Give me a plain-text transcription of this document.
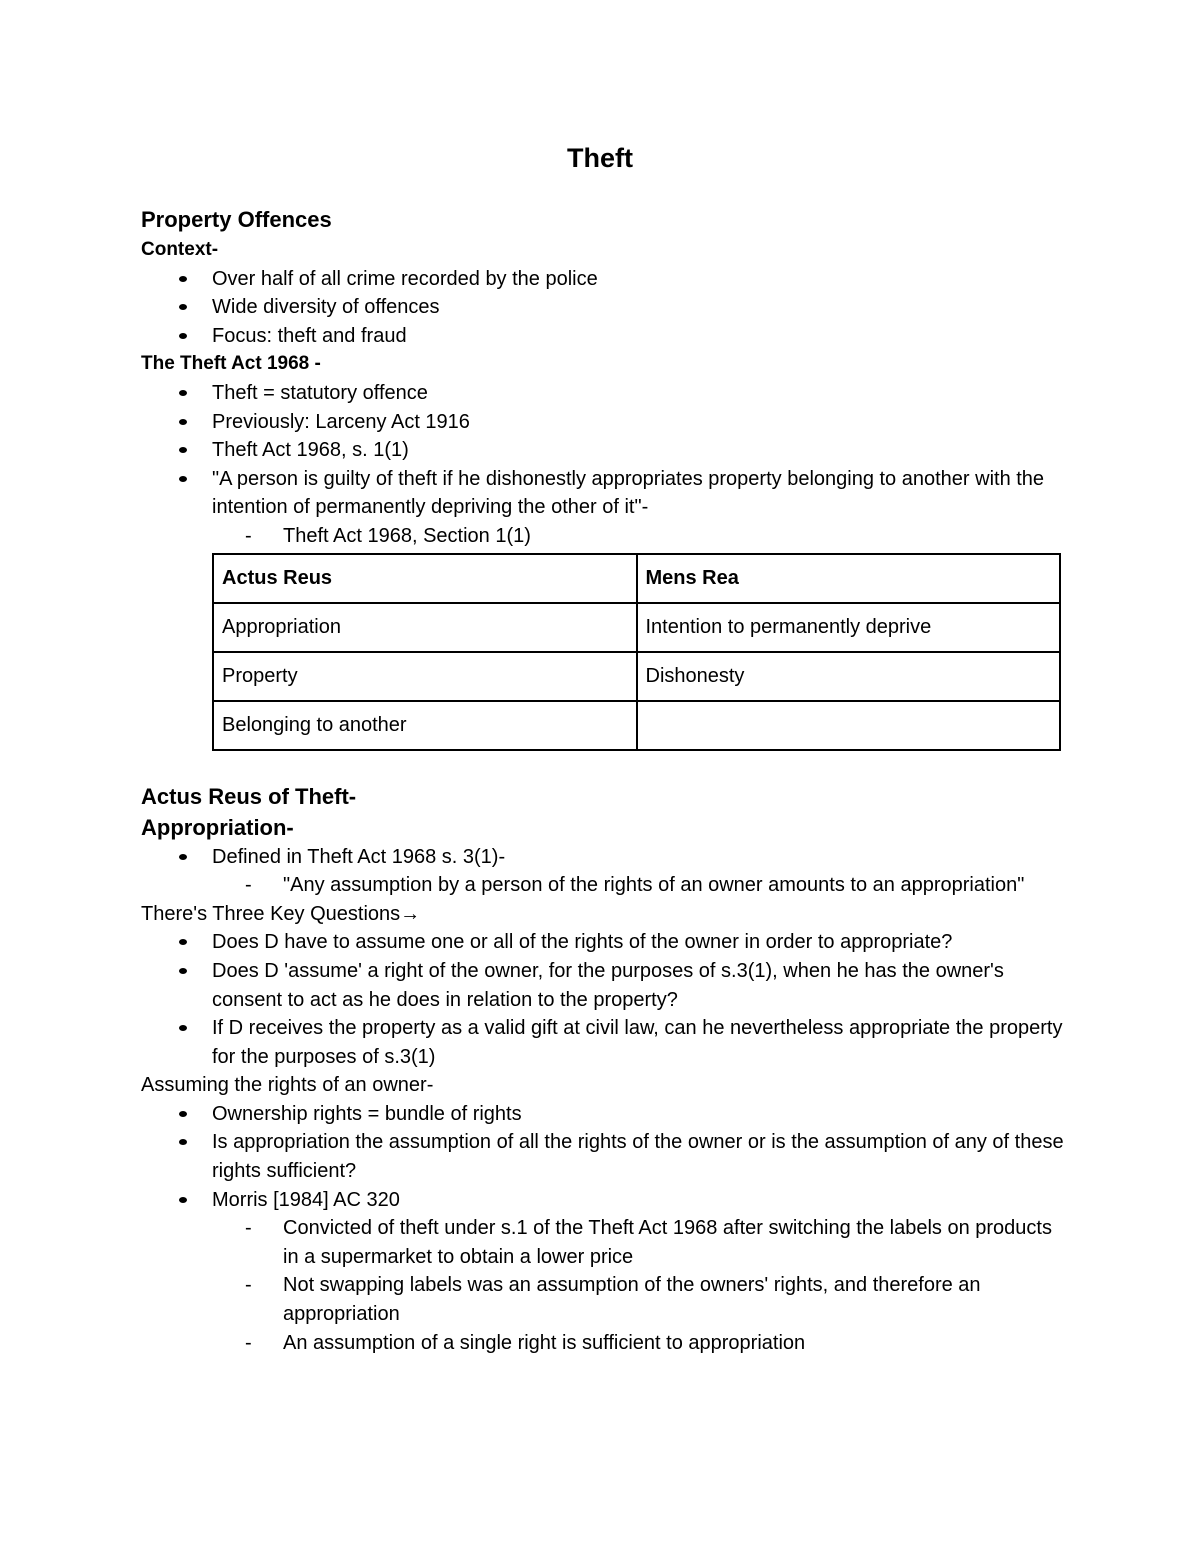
Theft
Property Offences
Context-
Over half of all crime recorded by the police
Wide diversity of offences
Focus: theft and fraud
The Theft Act 1968 -
Theft = statutory offence
Previously: Larceny Act 1916
Theft Act 1968, s. 1(1)
"A person is guilty of theft if he dishonestly appropriates property belonging to another with the intention of permanently depriving the other of it"-
- Theft Act 1968, Section 1(1)
Actus Reus	Mens Rea
Appropriation	Intention to permanently deprive
Property	Dishonesty
Belonging to another	
Actus Reus of Theft-
Appropriation-
Defined in Theft Act 1968 s. 3(1)-
- "Any assumption by a person of the rights of an owner amounts to an appropriation"
There's Three Key Questions→
Does D have to assume one or all of the rights of the owner in order to appropriate?
Does D 'assume' a right of the owner, for the purposes of s.3(1), when he has the owner's consent to act as he does in relation to the property?
If D receives the property as a valid gift at civil law, can he nevertheless appropriate the property for the purposes of s.3(1)
Assuming the rights of an owner-
Ownership rights = bundle of rights
Is appropriation the assumption of all the rights of the owner or is the assumption of any of these rights sufficient?
Morris [1984] AC 320
- Convicted of theft under s.1 of the Theft Act 1968 after switching the labels on products in a supermarket to obtain a lower price
- Not swapping labels was an assumption of the owners' rights, and therefore an appropriation
- An assumption of a single right is sufficient to appropriation
